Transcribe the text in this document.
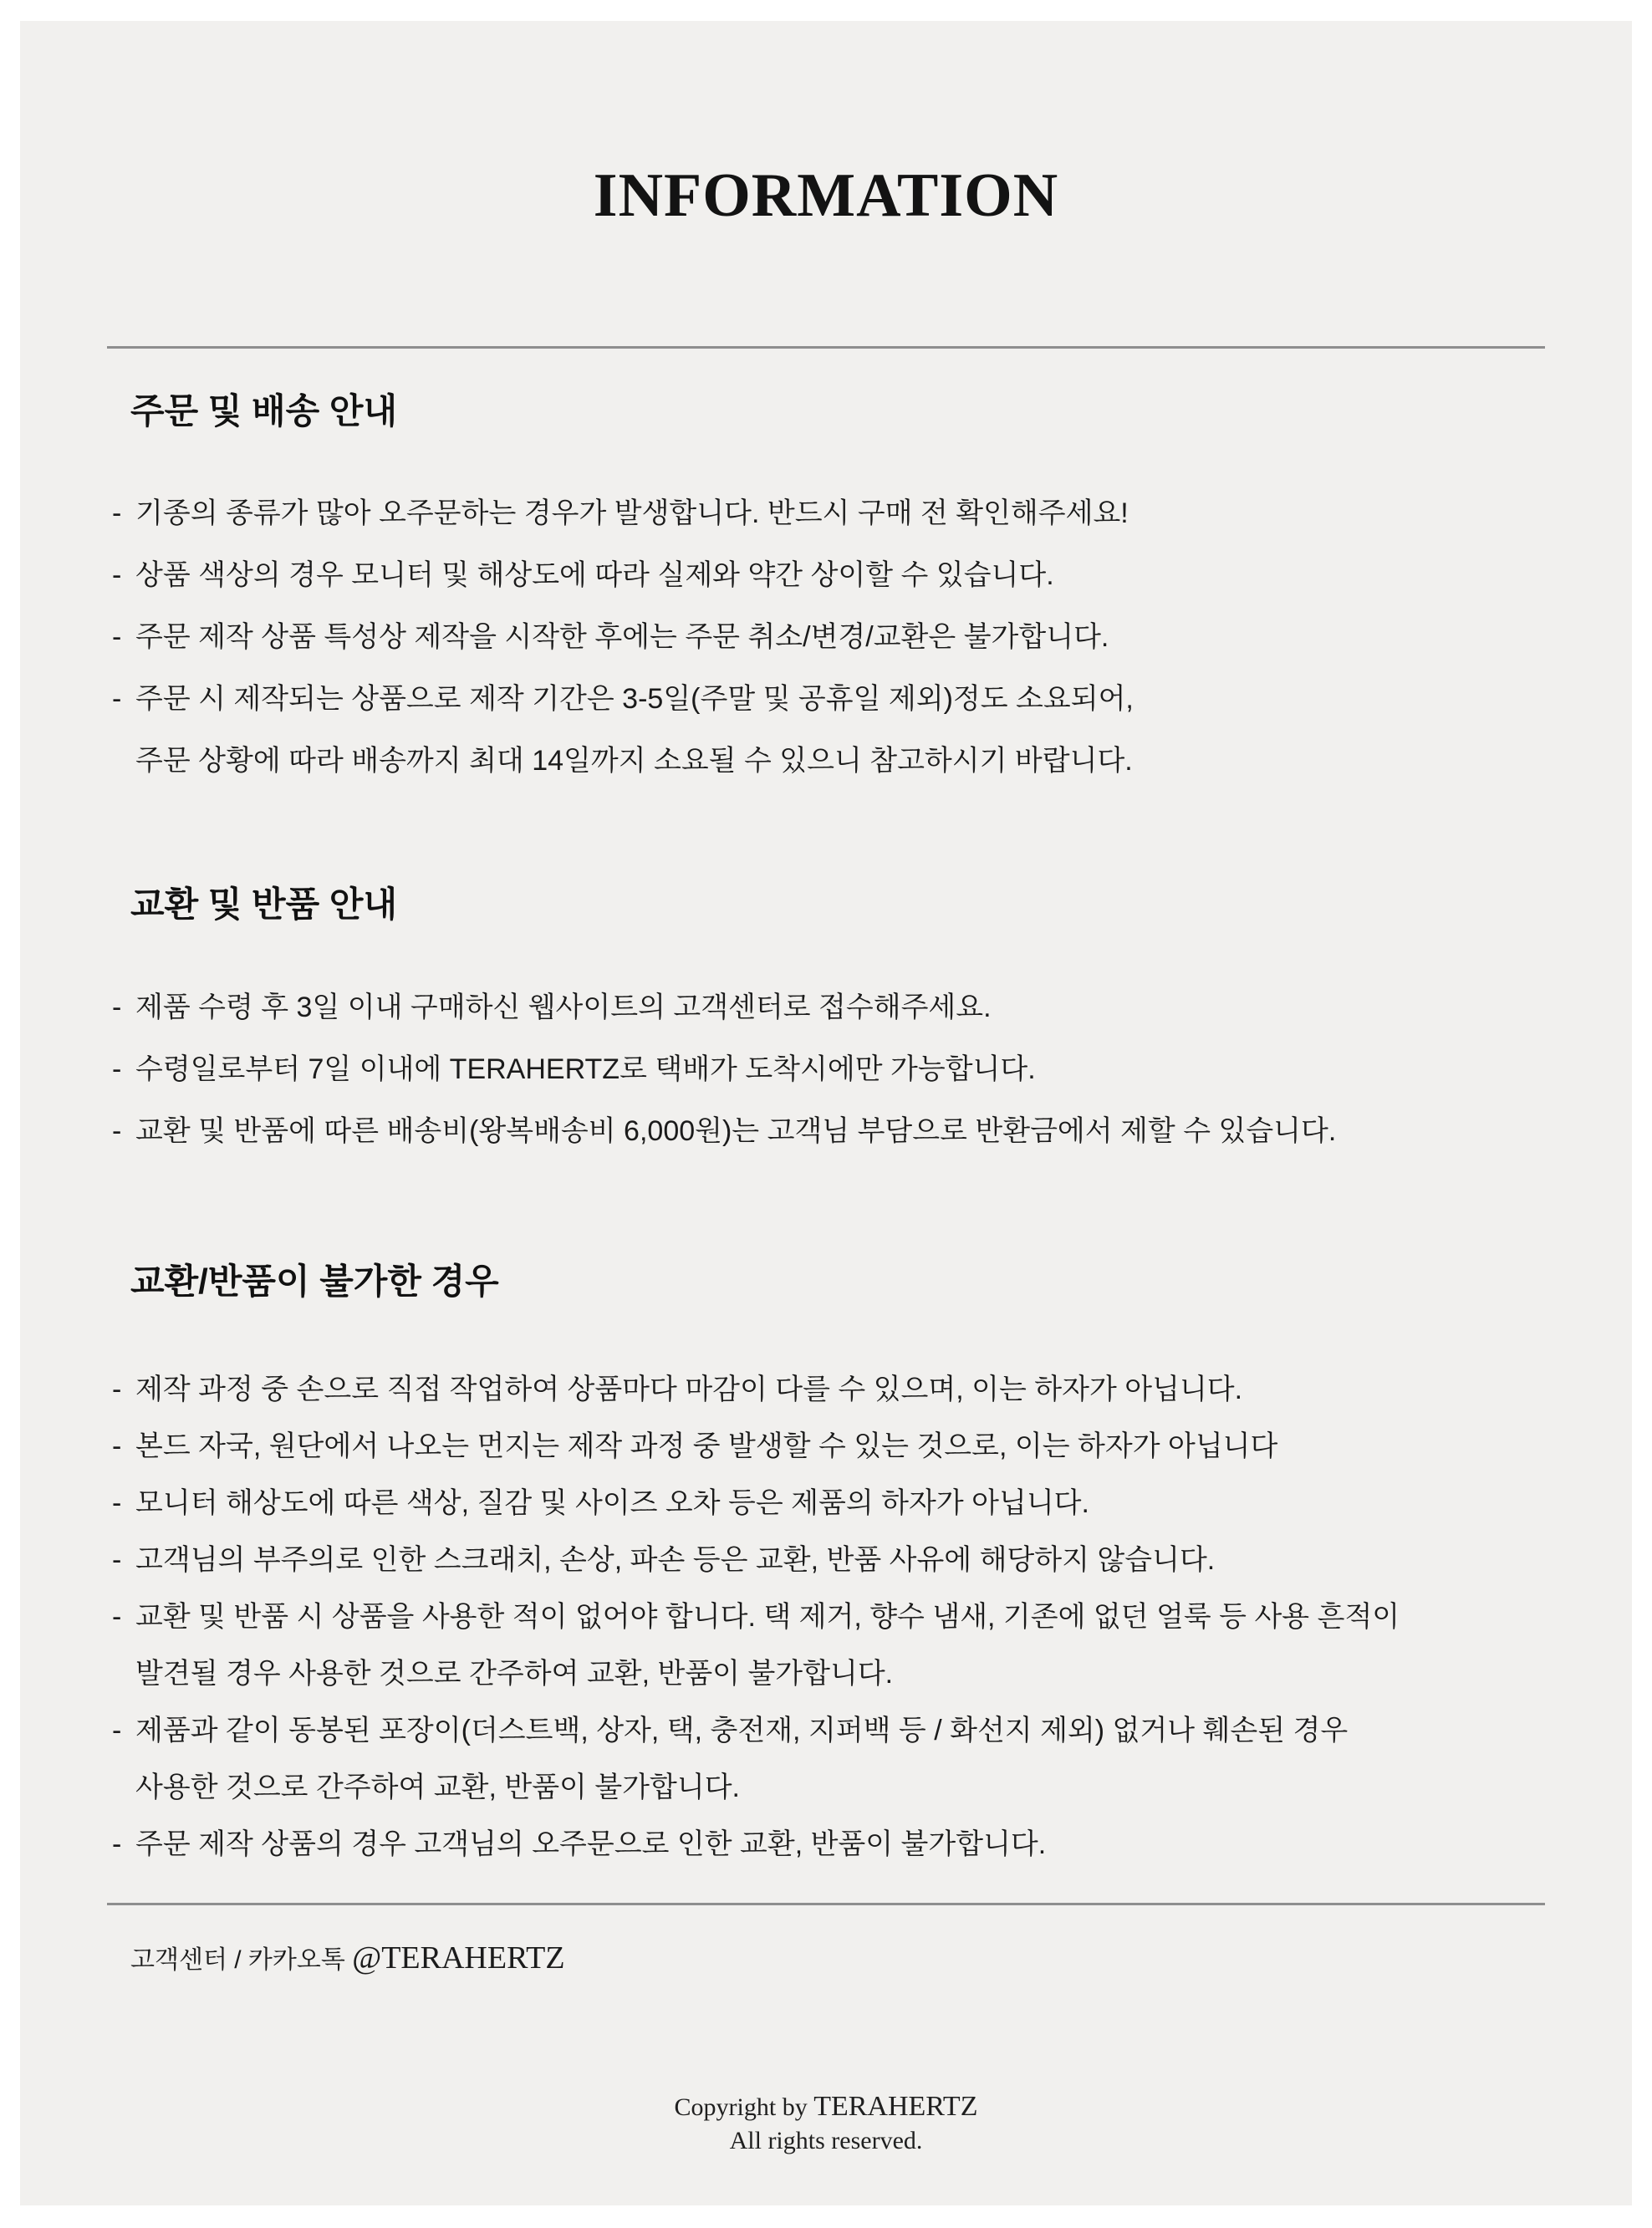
INFORMATION
주문 및 배송 안내
- 기종의 종류가 많아 오주문하는 경우가 발생합니다. 반드시 구매 전 확인해주세요!
- 상품 색상의 경우 모니터 및 해상도에 따라 실제와 약간 상이할 수 있습니다.
- 주문 제작 상품 특성상 제작을 시작한 후에는 주문 취소/변경/교환은 불가합니다.
- 주문 시 제작되는 상품으로 제작 기간은 3-5일(주말 및 공휴일 제외)정도 소요되어,
주문 상황에 따라 배송까지 최대 14일까지 소요될 수 있으니 참고하시기 바랍니다.
교환 및 반품 안내
- 제품 수령 후 3일 이내 구매하신 웹사이트의 고객센터로 접수해주세요.
- 수령일로부터 7일 이내에 TERAHERTZ로 택배가 도착시에만 가능합니다.
- 교환 및 반품에 따른 배송비(왕복배송비 6,000원)는 고객님 부담으로 반환금에서 제할 수 있습니다.
교환/반품이 불가한 경우
- 제작 과정 중 손으로 직접 작업하여 상품마다 마감이 다를 수 있으며, 이는 하자가 아닙니다.
- 본드 자국, 원단에서 나오는 먼지는 제작 과정 중 발생할 수 있는 것으로, 이는 하자가 아닙니다
- 모니터 해상도에 따른 색상, 질감 및 사이즈 오차 등은 제품의 하자가 아닙니다.
- 고객님의 부주의로 인한 스크래치, 손상, 파손 등은 교환, 반품 사유에 해당하지 않습니다.
- 교환 및 반품 시 상품을 사용한 적이 없어야 합니다. 택 제거, 향수 냄새, 기존에 없던 얼룩 등 사용 흔적이
발견될 경우 사용한 것으로 간주하여 교환, 반품이 불가합니다.
- 제품과 같이 동봉된 포장이(더스트백, 상자, 택, 충전재, 지퍼백 등 / 화선지 제외) 없거나 훼손된 경우
사용한 것으로 간주하여 교환, 반품이 불가합니다.
- 주문 제작 상품의 경우 고객님의 오주문으로 인한 교환, 반품이 불가합니다.

고객센터 / 카카오톡 @TERAHERTZ

Copyright by TERAHERTZ
All rights reserved.
